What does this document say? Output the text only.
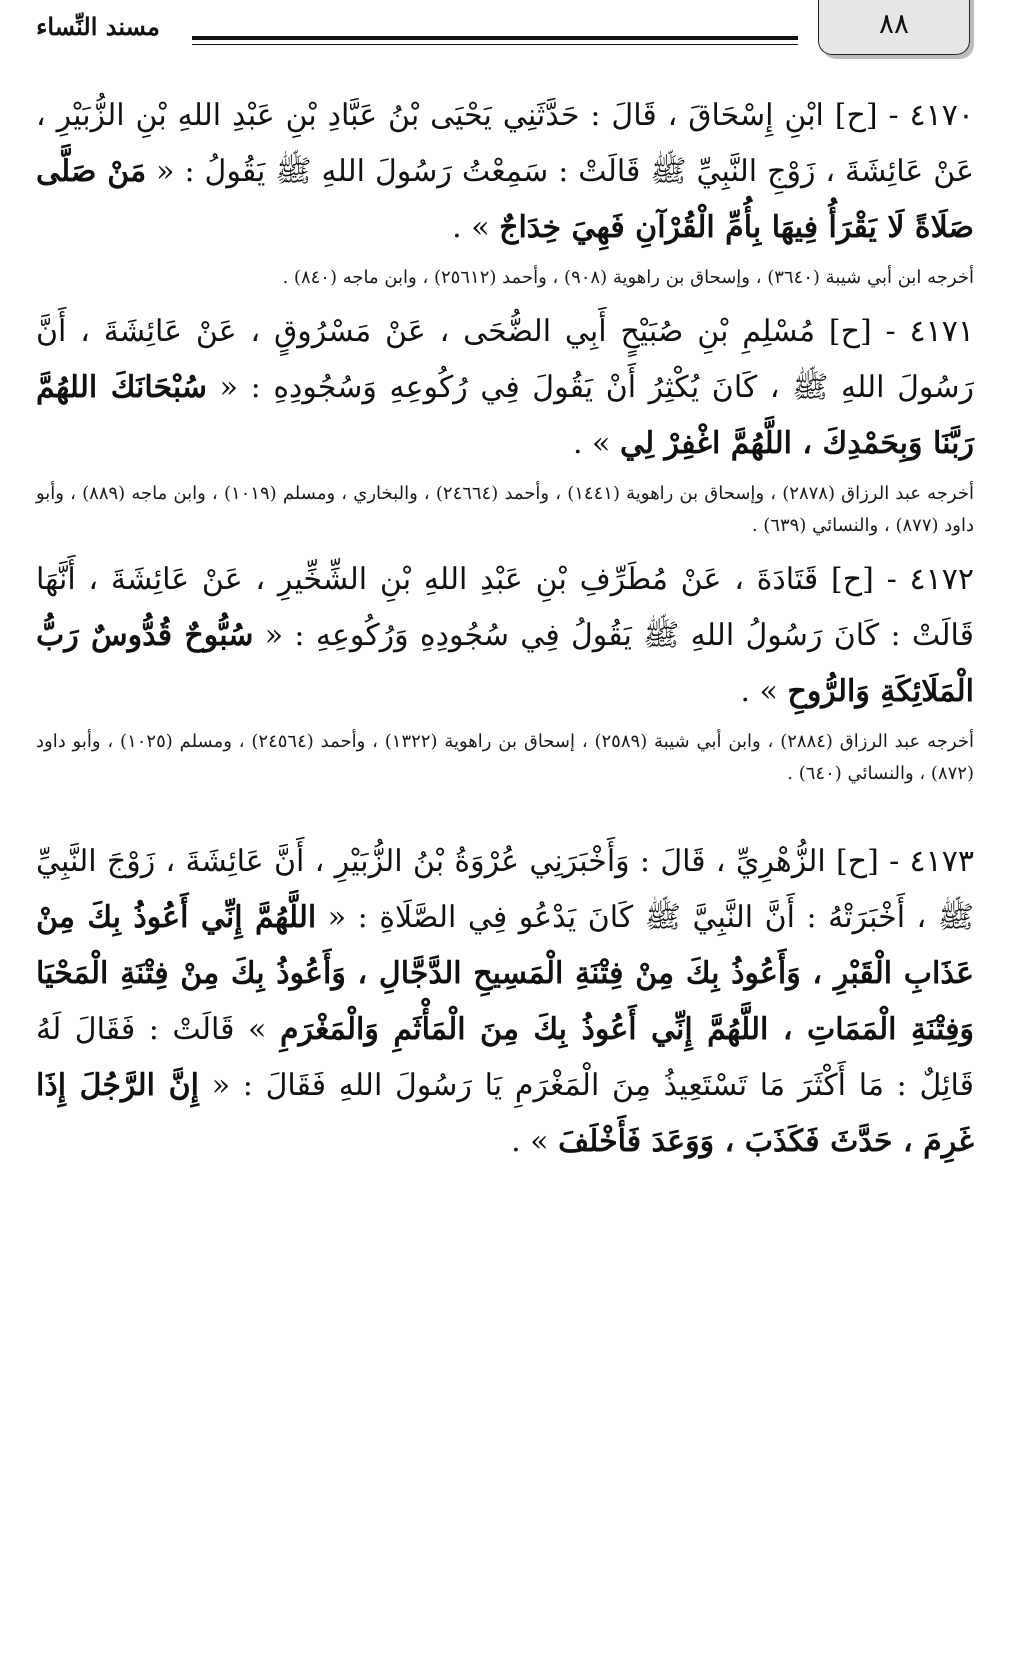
٨٨
مسند النِّساء

٤١٧٠ - [ح] ابْنِ إِسْحَاقَ ، قَالَ : حَدَّثَنِي يَحْيَى بْنُ عَبَّادِ بْنِ عَبْدِ اللهِ بْنِ الزُّبَيْرِ ، عَنْ عَائِشَةَ ، زَوْجِ النَّبِيِّ ﷺ قَالَتْ : سَمِعْتُ رَسُولَ اللهِ ﷺ يَقُولُ : « مَنْ صَلَّى صَلَاةً لَا يَقْرَأُ فِيهَا بِأُمِّ الْقُرْآنِ فَهِيَ خِدَاجٌ » .

أخرجه ابن أبي شيبة (٣٦٤٠) ، وإسحاق بن راهوية (٩٠٨) ، وأحمد (٢٥٦١٢) ، وابن ماجه (٨٤٠) .

٤١٧١ - [ح] مُسْلِمِ بْنِ صُبَيْحٍ أَبِي الضُّحَى ، عَنْ مَسْرُوقٍ ، عَنْ عَائِشَةَ ، أَنَّ رَسُولَ اللهِ ﷺ ، كَانَ يُكْثِرُ أَنْ يَقُولَ فِي رُكُوعِهِ وَسُجُودِهِ : « سُبْحَانَكَ اللهُمَّ رَبَّنَا وَبِحَمْدِكَ ، اللَّهُمَّ اغْفِرْ لِي » .

أخرجه عبد الرزاق (٢٨٧٨) ، وإسحاق بن راهوية (١٤٤١) ، وأحمد (٢٤٦٦٤) ، والبخاري ، ومسلم (١٠١٩) ، وابن ماجه (٨٨٩) ، وأبو داود (٨٧٧) ، والنسائي (٦٣٩) .

٤١٧٢ - [ح] قَتَادَةَ ، عَنْ مُطَرِّفِ بْنِ عَبْدِ اللهِ بْنِ الشِّخِّيرِ ، عَنْ عَائِشَةَ ، أَنَّهَا قَالَتْ : كَانَ رَسُولُ اللهِ ﷺ يَقُولُ فِي سُجُودِهِ وَرُكُوعِهِ : « سُبُّوحٌ قُدُّوسٌ رَبُّ الْمَلَائِكَةِ وَالرُّوحِ » .

أخرجه عبد الرزاق (٢٨٨٤) ، وابن أبي شيبة (٢٥٨٩) ، إسحاق بن راهوية (١٣٢٢) ، وأحمد (٢٤٥٦٤) ، ومسلم (١٠٢٥) ، وأبو داود (٨٧٢) ، والنسائي (٦٤٠) .

٤١٧٣ - [ح] الزُّهْرِيِّ ، قَالَ : وَأَخْبَرَنِي عُرْوَةُ بْنُ الزُّبَيْرِ ، أَنَّ عَائِشَةَ ، زَوْجَ النَّبِيِّ ﷺ ، أَخْبَرَتْهُ : أَنَّ النَّبِيَّ ﷺ كَانَ يَدْعُو فِي الصَّلَاةِ : « اللَّهُمَّ إِنِّي أَعُوذُ بِكَ مِنْ عَذَابِ الْقَبْرِ ، وَأَعُوذُ بِكَ مِنْ فِتْنَةِ الْمَسِيحِ الدَّجَّالِ ، وَأَعُوذُ بِكَ مِنْ فِتْنَةِ الْمَحْيَا وَفِتْنَةِ الْمَمَاتِ ، اللَّهُمَّ إِنِّي أَعُوذُ بِكَ مِنَ الْمَأْثَمِ وَالْمَغْرَمِ » قَالَتْ : فَقَالَ لَهُ قَائِلٌ : مَا أَكْثَرَ مَا تَسْتَعِيذُ مِنَ الْمَغْرَمِ يَا رَسُولَ اللهِ فَقَالَ : « إِنَّ الرَّجُلَ إِذَا غَرِمَ ، حَدَّثَ فَكَذَبَ ، وَوَعَدَ فَأَخْلَفَ » .
